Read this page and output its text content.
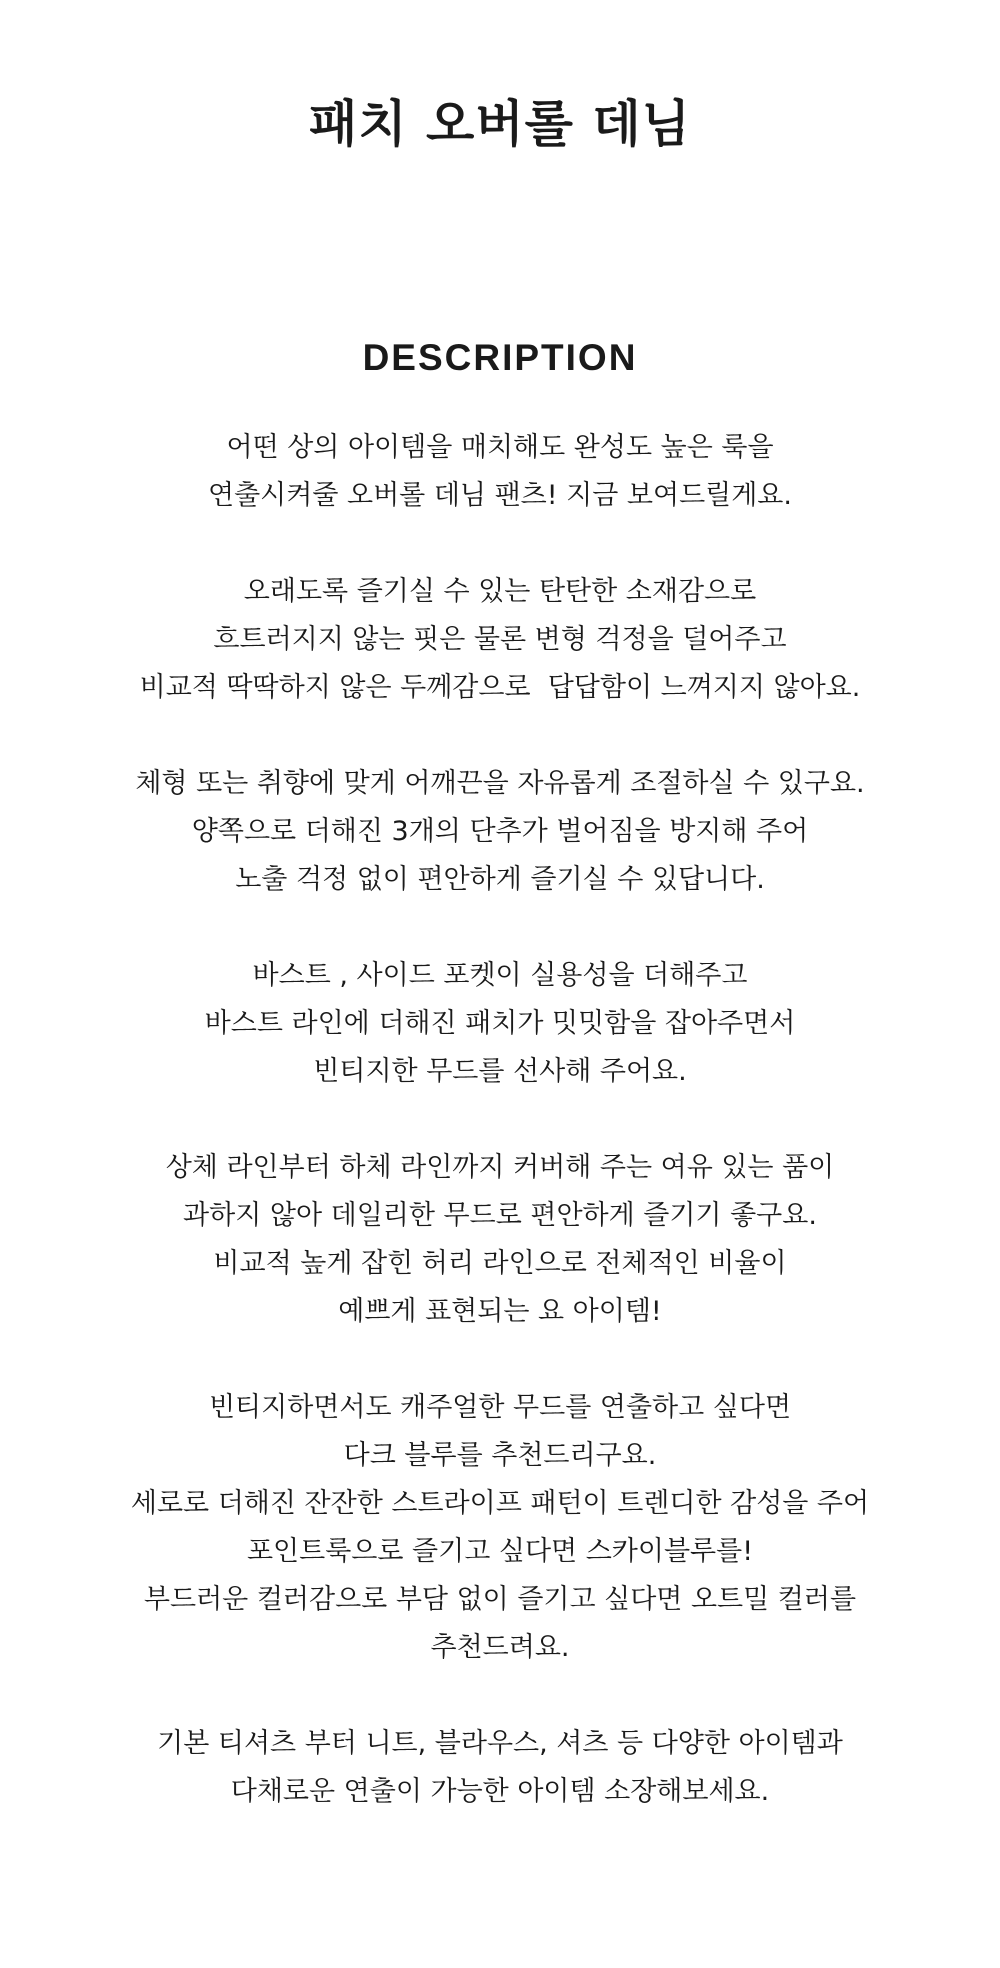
패치 오버롤 데님
DESCRIPTION

어떤 상의 아이템을 매치해도 완성도 높은 룩을
연출시켜줄 오버롤 데님 팬츠! 지금 보여드릴게요.

오래도록 즐기실 수 있는 탄탄한 소재감으로
흐트러지지 않는 핏은 물론 변형 걱정을 덜어주고
비교적 딱딱하지 않은 두께감으로  답답함이 느껴지지 않아요.

체형 또는 취향에 맞게 어깨끈을 자유롭게 조절하실 수 있구요.
양쪽으로 더해진 3개의 단추가 벌어짐을 방지해 주어
노출 걱정 없이 편안하게 즐기실 수 있답니다.

바스트 , 사이드 포켓이 실용성을 더해주고
바스트 라인에 더해진 패치가 밋밋함을 잡아주면서
빈티지한 무드를 선사해 주어요.

상체 라인부터 하체 라인까지 커버해 주는 여유 있는 품이
과하지 않아 데일리한 무드로 편안하게 즐기기 좋구요.
비교적 높게 잡힌 허리 라인으로 전체적인 비율이
예쁘게 표현되는 요 아이템!

빈티지하면서도 캐주얼한 무드를 연출하고 싶다면
다크 블루를 추천드리구요.
세로로 더해진 잔잔한 스트라이프 패턴이 트렌디한 감성을 주어
포인트룩으로 즐기고 싶다면 스카이블루를!
부드러운 컬러감으로 부담 없이 즐기고 싶다면 오트밀 컬러를
추천드려요.

기본 티셔츠 부터 니트, 블라우스, 셔츠 등 다양한 아이템과
다채로운 연출이 가능한 아이템 소장해보세요.
